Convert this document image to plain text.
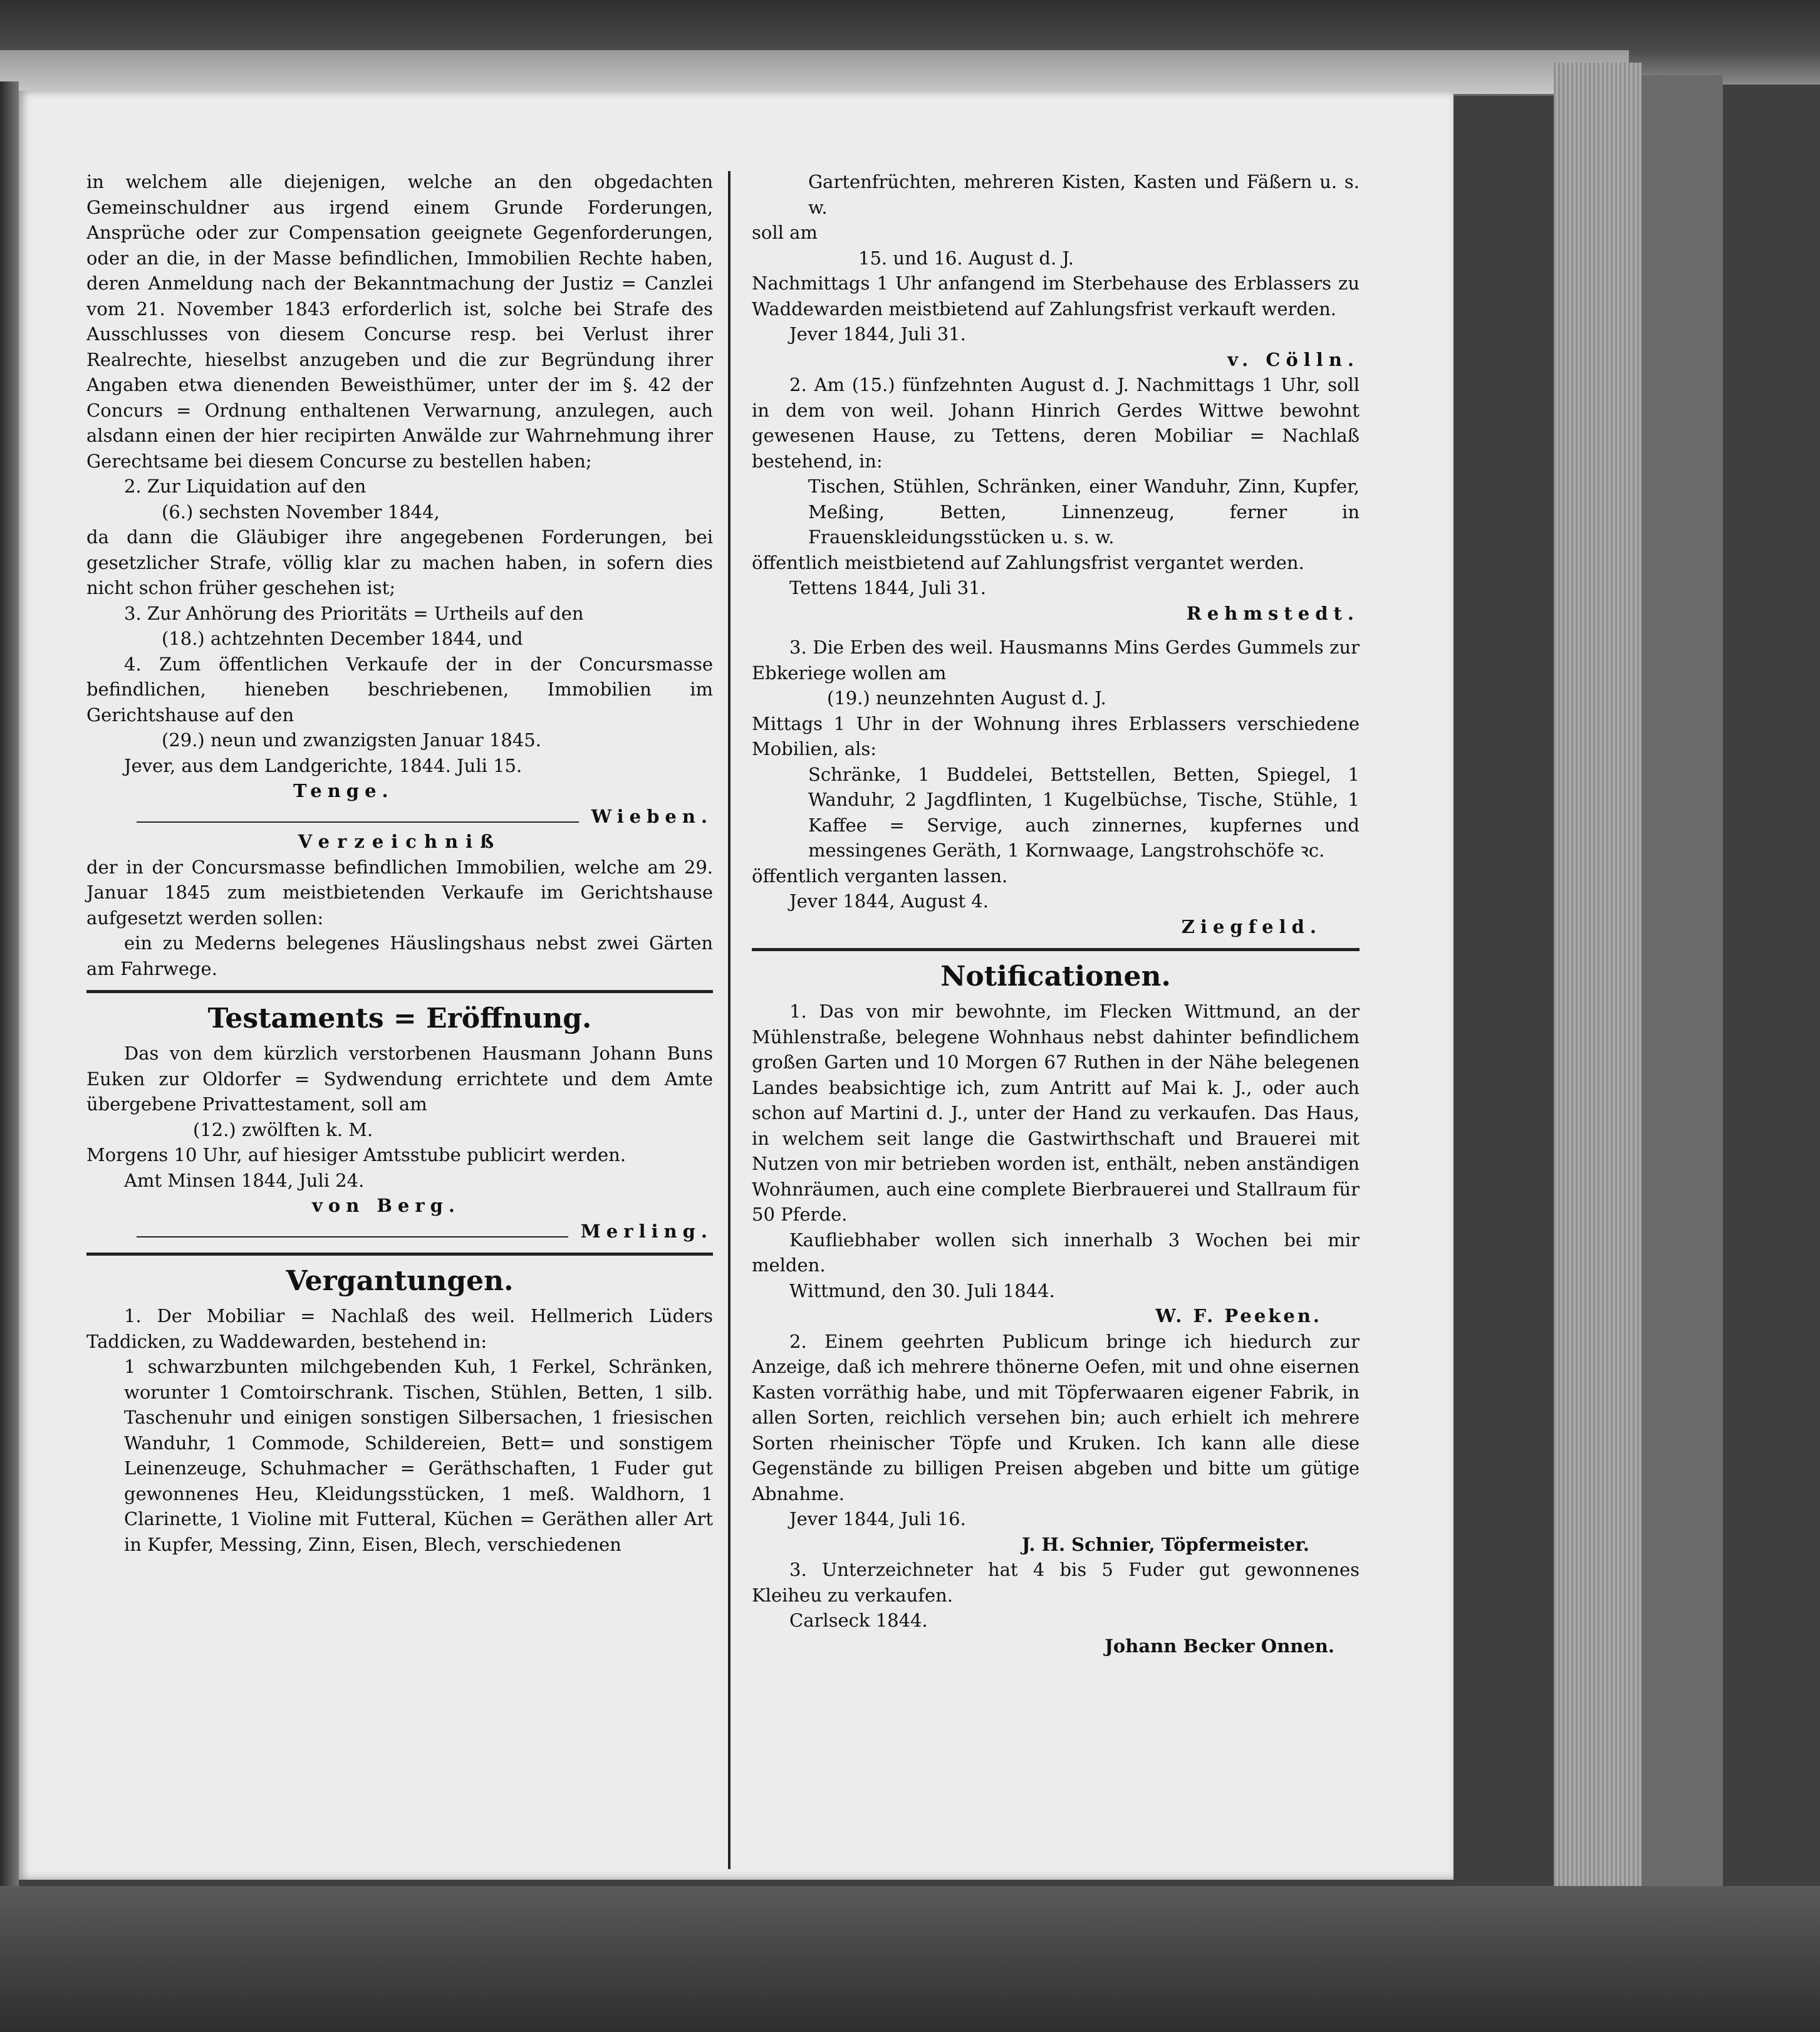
in welchem alle diejenigen, welche an den obgedachten Gemeinschuldner aus irgend einem Grunde Forderungen, Ansprüche oder zur Compensation geeignete Gegenforderungen, oder an die, in der Masse befindlichen, Immobilien Rechte haben, deren Anmeldung nach der Bekanntmachung der Justiz = Canzlei vom 21. November 1843 erforderlich ist, solche bei Strafe des Ausschlusses von diesem Concurse resp. bei Verlust ihrer Realrechte, hieselbst anzugeben und die zur Begründung ihrer Angaben etwa dienenden Beweisthümer, unter der im §. 42 der Concurs = Ordnung enthaltenen Verwarnung, anzulegen, auch alsdann einen der hier recipirten Anwälde zur Wahrnehmung ihrer Gerechtsame bei diesem Concurse zu bestellen haben;

2. Zur Liquidation auf den

(6.) sechsten November 1844,

da dann die Gläubiger ihre angegebenen Forderungen, bei gesetzlicher Strafe, völlig klar zu machen haben, in sofern dies nicht schon früher geschehen ist;

3. Zur Anhörung des Prioritäts = Urtheils auf den

(18.) achtzehnten December 1844, und

4. Zum öffentlichen Verkaufe der in der Concursmasse befindlichen, hieneben beschriebenen, Immobilien im Gerichtshause auf den

(29.) neun und zwanzigsten Januar 1845.

Jever, aus dem Landgerichte, 1844. Juli 15.

Tenge.
Wieben.

Verzeichniß

der in der Concursmasse befindlichen Immobilien, welche am 29. Januar 1845 zum meistbietenden Verkaufe im Gerichtshause aufgesetzt werden sollen:

ein zu Mederns belegenes Häuslingshaus nebst zwei Gärten am Fahrwege.

Testaments = Eröffnung.

Das von dem kürzlich verstorbenen Hausmann Johann Buns Euken zur Oldorfer = Sydwendung errichtete und dem Amte übergebene Privattestament, soll am

(12.) zwölften k. M.

Morgens 10 Uhr, auf hiesiger Amtsstube publicirt werden.

Amt Minsen 1844, Juli 24.

von Berg.
Merling.
Vergantungen.

1. Der Mobiliar = Nachlaß des weil. Hellmerich Lüders Taddicken, zu Waddewarden, bestehend in:

1 schwarzbunten milchgebenden Kuh, 1 Ferkel, Schränken, worunter 1 Comtoirschrank. Tischen, Stühlen, Betten, 1 silb. Taschenuhr und einigen sonstigen Silbersachen, 1 friesischen Wanduhr, 1 Commode, Schildereien, Bett= und sonstigem Leinenzeuge, Schuhmacher = Geräthschaften, 1 Fuder gut gewonnenes Heu, Kleidungsstücken, 1 meß. Waldhorn, 1 Clarinette, 1 Violine mit Futteral, Küchen = Geräthen aller Art in Kupfer, Messing, Zinn, Eisen, Blech, verschiedenen

Gartenfrüchten, mehreren Kisten, Kasten und Fäßern u. s. w.

soll am

15. und 16. August d. J.

Nachmittags 1 Uhr anfangend im Sterbehause des Erblassers zu Waddewarden meistbietend auf Zahlungsfrist verkauft werden.

Jever 1844, Juli 31.

v. Cölln.

2. Am (15.) fünfzehnten August d. J. Nachmittags 1 Uhr, soll in dem von weil. Johann Hinrich Gerdes Wittwe bewohnt gewesenen Hause, zu Tettens, deren Mobiliar = Nachlaß bestehend, in:

Tischen, Stühlen, Schränken, einer Wanduhr, Zinn, Kupfer, Meßing, Betten, Linnenzeug, ferner in Frauenskleidungsstücken u. s. w.

öffentlich meistbietend auf Zahlungsfrist vergantet werden.

Tettens 1844, Juli 31.

Rehmstedt.

3. Die Erben des weil. Hausmanns Mins Gerdes Gummels zur Ebkeriege wollen am

(19.) neunzehnten August d. J.

Mittags 1 Uhr in der Wohnung ihres Erblassers verschiedene Mobilien, als:

Schränke, 1 Buddelei, Bettstellen, Betten, Spiegel, 1 Wanduhr, 2 Jagdflinten, 1 Kugelbüchse, Tische, Stühle, 1 Kaffee = Servige, auch zinnernes, kupfernes und messingenes Geräth, 1 Kornwaage, Langstrohschöfe ꝛc.

öffentlich verganten lassen.

Jever 1844, August 4.

Ziegfeld.

Notificationen.

1. Das von mir bewohnte, im Flecken Wittmund, an der Mühlenstraße, belegene Wohnhaus nebst dahinter befindlichem großen Garten und 10 Morgen 67 Ruthen in der Nähe belegenen Landes beabsichtige ich, zum Antritt auf Mai k. J., oder auch schon auf Martini d. J., unter der Hand zu verkaufen. Das Haus, in welchem seit lange die Gastwirthschaft und Brauerei mit Nutzen von mir betrieben worden ist, enthält, neben anständigen Wohnräumen, auch eine complete Bierbrauerei und Stallraum für 50 Pferde.

Kaufliebhaber wollen sich innerhalb 3 Wochen bei mir melden.

Wittmund, den 30. Juli 1844.

W. F. Peeken.

2. Einem geehrten Publicum bringe ich hiedurch zur Anzeige, daß ich mehrere thönerne Oefen, mit und ohne eisernen Kasten vorräthig habe, und mit Töpferwaaren eigener Fabrik, in allen Sorten, reichlich versehen bin; auch erhielt ich mehrere Sorten rheinischer Töpfe und Kruken. Ich kann alle diese Gegenstände zu billigen Preisen abgeben und bitte um gütige Abnahme.

Jever 1844, Juli 16.

J. H. Schnier, Töpfermeister.

3. Unterzeichneter hat 4 bis 5 Fuder gut gewonnenes Kleiheu zu verkaufen.

Carlseck 1844.

Johann Becker Onnen.
